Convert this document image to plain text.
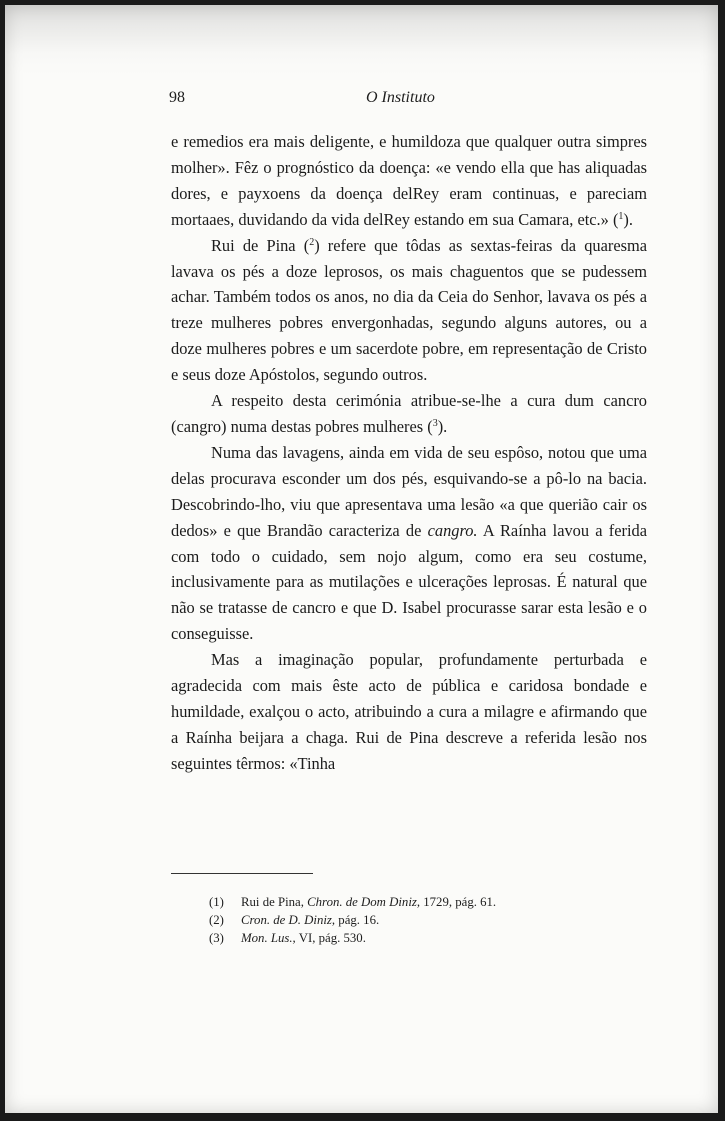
98	O Instituto

e remedios era mais deligente, e humildoza que qualquer outra simpres molher». Fêz o prognóstico da doença: «e vendo ella que has aliquadas dores, e payxoens da doença delRey eram continuas, e pareciam mortaaes, duvidando da vida delRey estando em sua Camara, etc.» ($^1$).

Rui de Pina ($^2$) refere que tôdas as sextas-feiras da quaresma lavava os pés a doze leprosos, os mais chaguentos que se pudessem achar. Também todos os anos, no dia da Ceia do Senhor, lavava os pés a treze mulheres pobres envergonhadas, segundo alguns autores, ou a doze mulheres pobres e um sacerdote pobre, em representação de Cristo e seus doze Apóstolos, segundo outros.

A respeito desta cerimónia atribue-se-lhe a cura dum cancro (cangro) numa destas pobres mulheres ($^3$).

Numa das lavagens, ainda em vida de seu espôso, notou que uma delas procurava esconder um dos pés, esquivando-se a pô-lo na bacia. Descobrindo-lho, viu que apresentava uma lesão «a que querião cair os dedos» e que Brandão caracteriza de cangro. A Raínha lavou a ferida com todo o cuidado, sem nojo algum, como era seu costume, inclusivamente para as mutilações e ulcerações leprosas. É natural que não se tratasse de cancro e que D. Isabel procurasse sarar esta lesão e o conseguisse.

Mas a imaginação popular, profundamente perturbada e agradecida com mais êste acto de pública e caridosa bondade e humildade, exalçou o acto, atribuindo a cura a milagre e afirmando que a Raínha beijara a chaga. Rui de Pina descreve a referida lesão nos seguintes têrmos: «Tinha

(1) Rui de Pina, Chron. de Dom Diniz, 1729, pág. 61.
(2) Cron. de D. Diniz, pág. 16.
(3) Mon. Lus., VI, pág. 530.
